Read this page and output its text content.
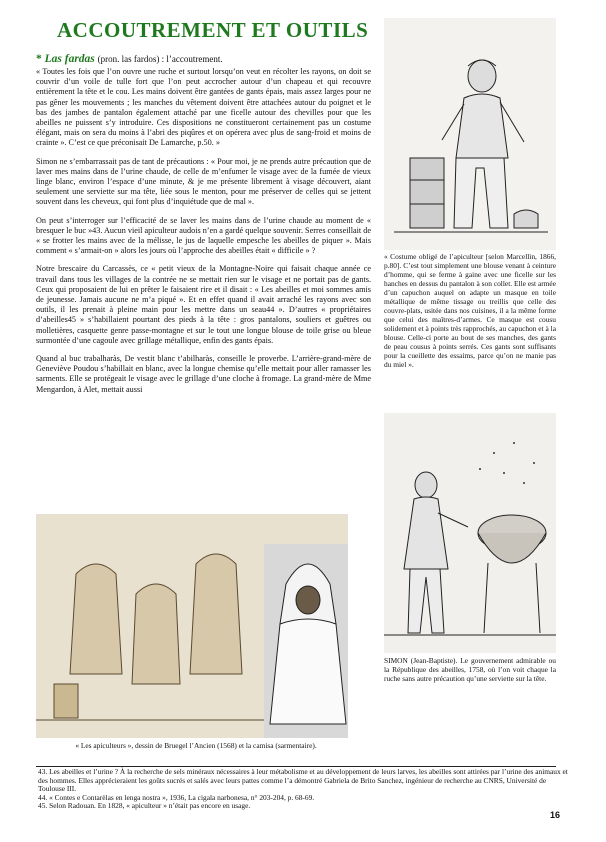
ACCOUTREMENT ET OUTILS
* Las fardas (pron. las fardos) : l’accoutrement.

« Toutes les fois que l’on ouvre une ruche et surtout lorsqu’on veut en récolter les rayons, on doit se couvrir d’un voile de tulle fort que l’on peut accrocher autour d’un chapeau et qui recouvre entièrement la tête et le cou. Les mains doivent être gantées de gants épais, mais assez larges pour ne pas gêner les mouvements ; les manches du vêtement doivent être attachées autour du poignet et le bas des jambes de pantalon également attaché par une ficelle autour des chevilles pour que les abeilles ne puissent s’y introduire. Ces dispositions ne constitueront certainement pas un costume élégant, mais on sera du moins à l’abri des piqûres et on opérera avec plus de sang-froid et moins de crainte ». C’est ce que préconisait De Lamarche, p.50. »

Simon ne s’embarrassait pas de tant de précautions : « Pour moi, je ne prends autre précaution que de laver mes mains dans de l’urine chaude, de celle de m’enfumer le visage avec de la fumée de vieux linge blanc, environ l’espace d’une minute, & je me présente librement à visage découvert, aiant seulement une serviette sur ma tête, liée sous le menton, pour me préserver de celles qui se jettent souvent dans les cheveux, qui font plus d’inquiétude que de mal ».

On peut s’interroger sur l’efficacité de se laver les mains dans de l’urine chaude au moment de « bresquer le buc »43. Aucun vieil apiculteur audois n’en a gardé quelque souvenir. Serres conseillait de « se frotter les mains avec de la mélisse, le jus de laquelle empesche les abeilles de piquer ». Mais comment « s’armait-on » alors les jours où l’approche des abeilles était « difficile » ?

Notre brescaire du Carcassès, ce « petit vieux de la Montagne-Noire qui faisait chaque année ce travail dans tous les villages de la contrée ne se mettait rien sur le visage et ne portait pas de gants. Ceux qui proposaient de lui en prêter le faisaient rire et il disait : « Les abeilles et moi sommes amis de jeunesse. Jamais aucune ne m’a piqué ». Et en effet quand il avait arraché les rayons avec son outils, il les prenait à pleine main pour les mettre dans un seau44 ». D’autres « propriétaires d’abeilles45 » s’habillaient pourtant des pieds à la tête : gros pantalons, souliers et guêtres ou molletières, casquette genre passe-montagne et sur le tout une longue blouse de toile grise ou bleue surmontée d’une cagoule avec grillage métallique, enfin des gants épais.

Quand al buc trabalharàs, De vestit blanc t’abilharàs, conseille le proverbe. L’arrière-grand-mère de Geneviève Poudou s’habillait en blanc, avec la longue chemise qu’elle mettait pour aller ramasser les sarments. Elle se protégeait le visage avec le grillage d’une cloche à fromage. La grand-mère de Mme Mengardon, à Alet, mettait aussi

« Costume obligé de l’apiculteur [selon Marcellin, 1866, p.80]. C’est tout simplement une blouse venant à ceinture d’homme, qui se ferme à gaine avec une ficelle sur les hanches en dessus du pantalon à son collet. Elle est armée d’un capuchon auquel on adapte un masque en toile métallique de même tissage ou treillis que celle des couvre-plats, usitée dans nos cuisines, il a la même forme que celui des maîtres-d’armes. Ce masque est cousu solidement et à points très rapprochés, au capuchon et à la blouse. Celle-ci porte au bout de ses manches, des gants de peau cousus à points serrés. Ces gants sont suffisants pour la cueillette des essaims, parce qu’on ne manie pas du miel ».
SIMON (Jean-Baptiste). Le gouvernement admirable ou la République des abeilles, 1758, où l’on voit chaque la ruche sans autre précaution qu’une serviette sur la tête.
« Les apiculteurs », dessin de Bruegel l’Ancien (1568) et la camisa (sarmentaire).
43. Les abeilles et l’urine ? À la recherche de sels minéraux nécessaires à leur métabolisme et au développement de leurs larves, les abeilles sont attirées par l’urine des animaux et des hommes. Elles apprécieraient les goûts sucrés et salés avec leurs pattes comme l’a démontré Gabriela de Brito Sanchez, ingénieur de recherche au CNRS, Université de Toulouse III.
44. « Contes e Contarèlas en lenga nostra », 1936, La cigala narbonesa, n° 203-204, p. 68-69.
45. Selon Radouan. En 1828, « apiculteur » n’était pas encore en usage.
16
